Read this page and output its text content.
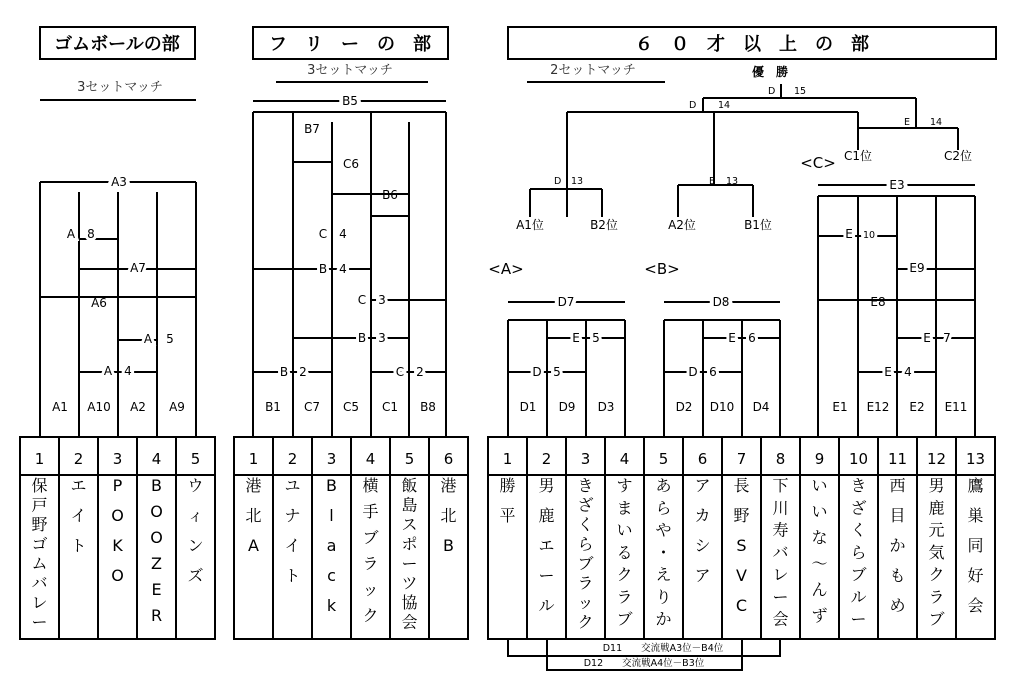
ゴムボールの部	フ　リ　ー　の　部	６　０　才　以　上　の　部
3セットマッチ
3セットマッチ	2セットマッチ
A3
A 8
A7
A6
A 5
A 4
A1 A10 A2 A9
B5
B7
C6
B6
C 4
B 4
C 3
B 3
B 2	C 2
B1 C7 C5 C1 B8
優　勝
D 15
D 14
E 14
C1位	C2位
<C>
E3
D 13	E 13
A1位	B2位	A2位	B1位
<A>	<B>
D7	D8
E 5	E 6
D 5	D 6
D1 D9 D3	D2 D10 D4
E 10
E9
E8
E 7
E 4
E1 E12 E2 E11
1
保戸野ゴムバレー
2
エイト
3
P O K O
4
B O O Z E R
5
ウィンズ
1
港北 A
2
ユナイト
3
B l a c k
4
横手ブラック
5
飯島スポーツ協会
6
港北 B
1
勝平
2
男鹿エール
3
きざくらブラック
4
すまいるクラブ
5
あらや・えりか
6
アカシア
7
長野 S V C
8
下川寿バレー会
9
いいな～んず
10
きざくらブルー
11
西目かもめ
12
男鹿元気クラブ
13
鷹巣同好会
D11　　交流戦A3位－B4位
D12　　交流戦A4位－B3位
